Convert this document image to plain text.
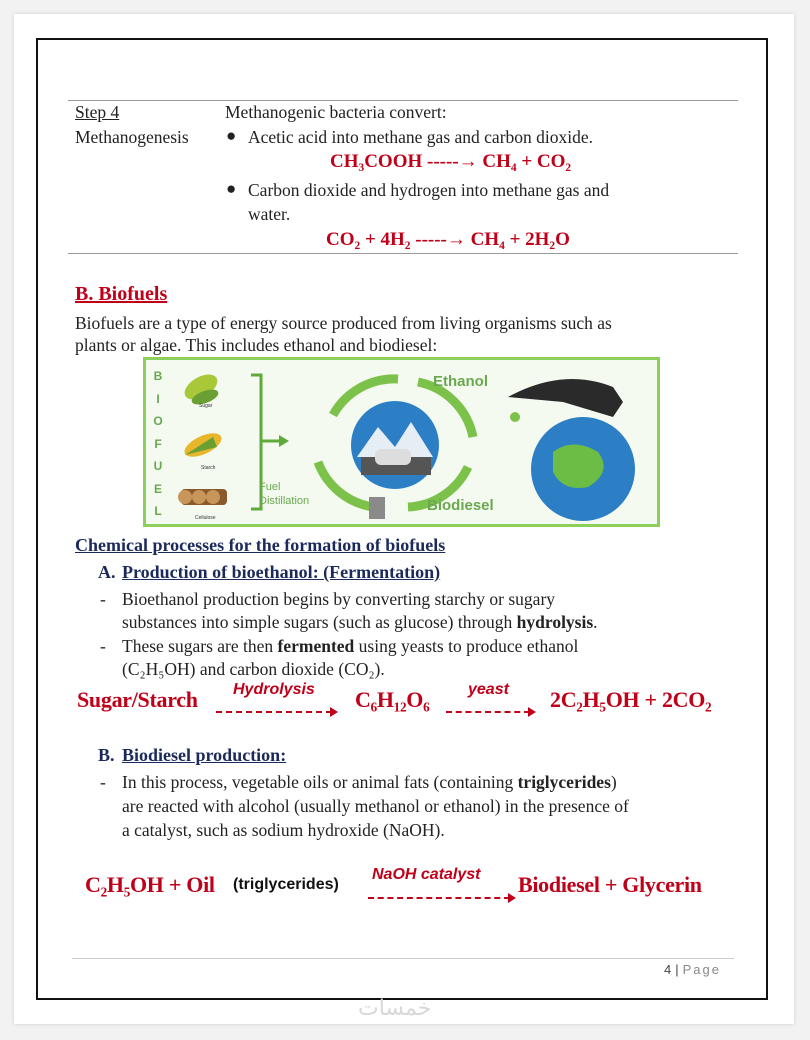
Step 4
Methanogenesis
Methanogenic bacteria convert:
● Acetic acid into methane gas and carbon dioxide.
CH₃COOH -----→ CH₄ + CO₂
● Carbon dioxide and hydrogen into methane gas and
water.
CO₂ + 4H₂ -----→ CH₄ + 2H₂O
B. Biofuels
Biofuels are a type of energy source produced from living organisms such as
plants or algae. This includes ethanol and biodiesel:
B
I
O
F
U
E
L
Sugar
Starch
Cellulose
Fuel
Distillation
Ethanol
Biodiesel
Chemical processes for the formation of biofuels
A. Production of bioethanol: (Fermentation)
- Bioethanol production begins by converting starchy or sugary
substances into simple sugars (such as glucose) through hydrolysis.
- These sugars are then fermented using yeasts to produce ethanol
(C₂H₅OH) and carbon dioxide (CO₂).
Sugar/Starch Hydrolysis C₆H₁₂O₆ yeast 2C₂H₅OH + 2CO₂
B. Biodiesel production:
- In this process, vegetable oils or animal fats (containing triglycerides)
are reacted with alcohol (usually methanol or ethanol) in the presence of
a catalyst, such as sodium hydroxide (NaOH).
C₂H₅OH + Oil (triglycerides)
NaOH catalyst Biodiesel + Glycerin
4 | Page
خمسات
